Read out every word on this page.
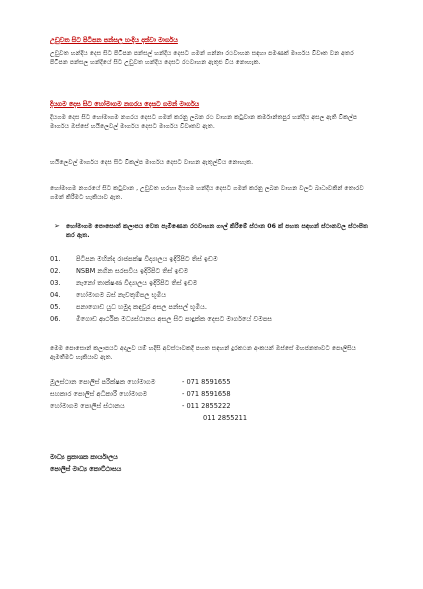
උඩුවත සිට පිටිපන පන්සල හංදිය දක්වා මාර්ගය
උඩුවත හන්දිය දෙස සිට පිටිපන පන්සල් හන්දිය දෙසට ගමන් ගන්නා රථවාහන සඳහා පමණක් මාර්ගය විවෘත වන අතර පිටිපන පන්සල හන්දියේ සිට උඩුවත හන්දිය දෙසට රථවාහන ඇතුළු විය නොහැක.
දියගම දෙස සිට හෝමාගම නගරය දෙසට ගමන් මාර්ගය
දියගම දෙස සිට හෝමාගම නගරය දෙසට ගමන් කරනු ලබන රථ වාහන කටුවාන කර්මාන්තපුර හන්දිය අසල ඇති විකල්ප මාර්ගය ඔස්සේ හයිලෙවල් මාර්ගය දෙසට මාර්ගය විවෘතව ඇත.
හයිලෙවල් මාර්ගය දෙස සිට විකල්ප මාර්ගය දෙසට වාහන ඇතුල්විය නොහැක.
හෝමාගම නගරයේ සිට කටුවාන , උඩුවත හරහා දියගම හන්දිය දෙසට ගමන් කරනු ලබන වාහන වලට බාධාවකින් තොරව ගමන් කිරීමට හැකියාව ඇත.
➢ හෝමාගම පොසොන් කලාපය වෙත පැමිණෙන රථවාහන ගාල් කිරීමේ ස්ථාන 06 ක් පහත සඳහන් ස්ථානවල ස්ථාපිත කර ඇත.
01. පිටිපන මහින්ද රාජපක්ෂ විද්‍යාලය ඉදිරිපිට තිස් ඉඩම
02. NSBM නගින සරසවිය ඉදිරිපිට තිස් ඉඩම
03. නැනෝ තාක්ෂණ විද්‍යාලය ඉදිරිපිට තිස් ඉඩම
04. හෝමාගම බස් නැවතුම්පල භූමිය
05. පනාගොඩ යුධ හමුදා කඳවුර අසල පන්සල් භූමිය.
06. මීගොඩ ආර්ථික මධ්‍යස්ථානය අසල සිට පාදුක්ක දෙසට මාර්ගයේ වමපස
මෙම පොසොන් කලාපයට අදාලව යම් හදිසි අවස්ථාවකදී පහත සඳහන් දුරකථන අංකයන් ඔස්සේ මහජනතාවට පොලිසිය ඇමතීමට හැකියාව ඇත.
මූලස්ථාන පොලිස් පරීක්ෂක හෝමාගම	- 071 8591655
සහකාර පොලිස් අධිකාරී හෝමාගම	- 071 8591658
හෝමාගම පොලිස් ස්ථානය	- 011 2855222
011 2855211
මාධ්‍ය ප්‍රකාශක කාර්යාලය
පොලිස් මාධ්‍ය කොට්ඨාසය
